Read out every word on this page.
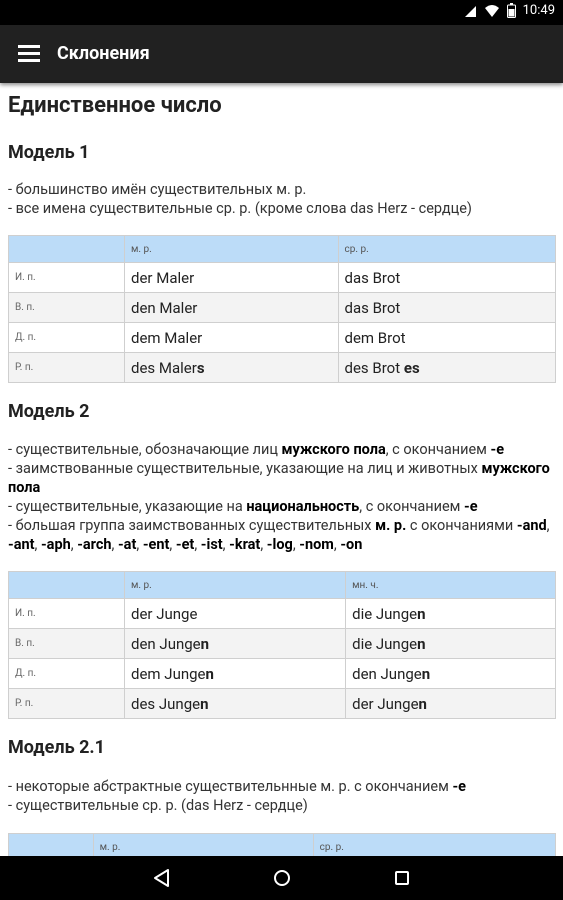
10:49
Склонения
Единственное число

Модель 1

- большинство имён существительных м. р.
- все имена существительные ср. р. (кроме слова das Herz - сердце)

	м. р.	ср. р.
И. п.	der Maler	das Brot
В. п.	den Maler	das Brot
Д. п.	dem Maler	dem Brot
Р. п.	des Malers	des Brot es

Модель 2

- существительные, обозначающие лиц мужского пола, с окончанием -e
- заимствованные существительные, указающие на лиц и животных мужского пола
- существительные, указающие на национальность, с окончанием -e
- большая группа заимствованных существительных м. р. с окончаниями -and, -ant, -aph, -arch, -at, -ent, -et, -ist, -krat, -log, -nom, -on

	м. р.	мн. ч.
И. п.	der Junge	die Jungen
В. п.	den Jungen	die Jungen
Д. п.	dem Jungen	den Jungen
Р. п.	des Jungen	der Jungen

Модель 2.1

- некоторые абстрактные существительнные м. р. с окончанием -e
- существительные ср. р. (das Herz - сердце)

	м. р.	ср. р.
